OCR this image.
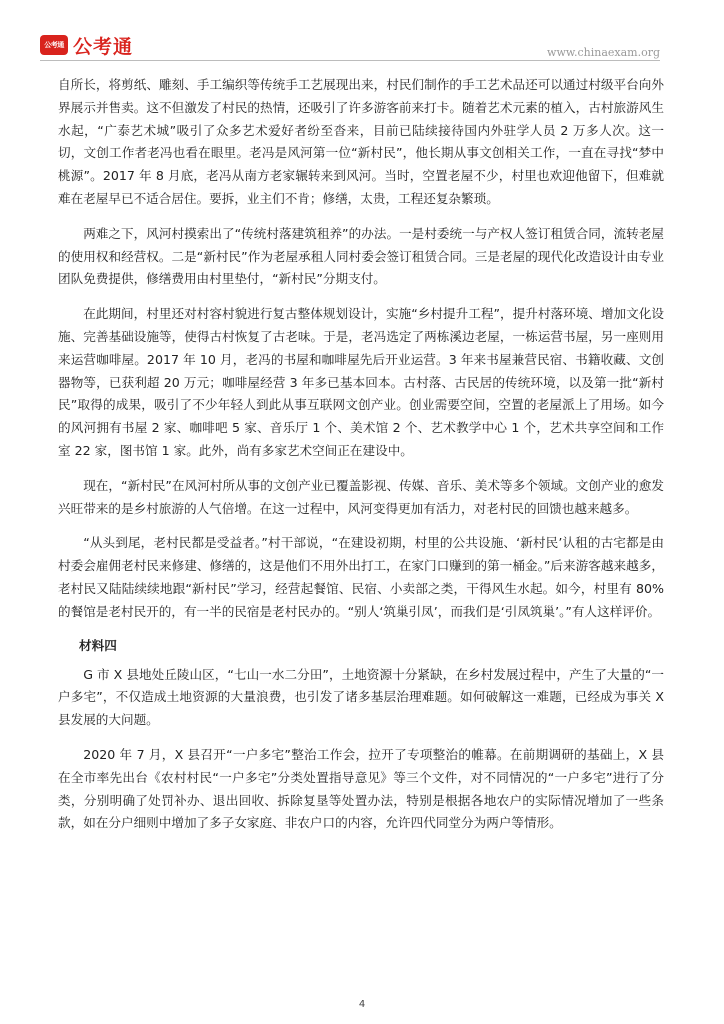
公考通 公考通	www.chinaexam.org

自所长，将剪纸、雕刻、手工编织等传统手工艺展现出来，村民们制作的手工艺术品还可以通过村级平台向外界展示并售卖。这不但激发了村民的热情，还吸引了许多游客前来打卡。随着艺术元素的植入，古村旅游风生水起，“广泰艺术城”吸引了众多艺术爱好者纷至沓来，目前已陆续接待国内外驻学人员 2 万多人次。这一切，文创工作者老冯也看在眼里。老冯是风河第一位“新村民”，他长期从事文创相关工作，一直在寻找“梦中桃源”。2017 年 8 月底，老冯从南方老家辗转来到风河。当时，空置老屋不少，村里也欢迎他留下，但难就难在老屋早已不适合居住。要拆，业主们不肯；修缮，太贵，工程还复杂繁琐。

两难之下，风河村摸索出了“传统村落建筑租养”的办法。一是村委统一与产权人签订租赁合同，流转老屋的使用权和经营权。二是“新村民”作为老屋承租人同村委会签订租赁合同。三是老屋的现代化改造设计由专业团队免费提供，修缮费用由村里垫付，“新村民”分期支付。

在此期间，村里还对村容村貌进行复古整体规划设计，实施“乡村提升工程”，提升村落环境、增加文化设施、完善基础设施等，使得古村恢复了古老味。于是，老冯选定了两栋溪边老屋，一栋运营书屋，另一座则用来运营咖啡屋。2017 年 10 月，老冯的书屋和咖啡屋先后开业运营。3 年来书屋兼营民宿、书籍收藏、文创器物等，已获利超 20 万元；咖啡屋经营 3 年多已基本回本。古村落、古民居的传统环境，以及第一批“新村民”取得的成果，吸引了不少年轻人到此从事互联网文创产业。创业需要空间，空置的老屋派上了用场。如今的风河拥有书屋 2 家、咖啡吧 5 家、音乐厅 1 个、美术馆 2 个、艺术教学中心 1 个，艺术共享空间和工作室 22 家，图书馆 1 家。此外，尚有多家艺术空间正在建设中。

现在，“新村民”在风河村所从事的文创产业已覆盖影视、传媒、音乐、美术等多个领域。文创产业的愈发兴旺带来的是乡村旅游的人气倍增。在这一过程中，风河变得更加有活力，对老村民的回馈也越来越多。

“从头到尾，老村民都是受益者。”村干部说，“在建设初期，村里的公共设施、‘新村民’认租的古宅都是由村委会雇佣老村民来修建、修缮的，这是他们不用外出打工，在家门口赚到的第一桶金。”后来游客越来越多，老村民又陆陆续续地跟“新村民”学习，经营起餐馆、民宿、小卖部之类，干得风生水起。如今，村里有 80% 的餐馆是老村民开的，有一半的民宿是老村民办的。“别人‘筑巢引凤’，而我们是‘引凤筑巢’。”有人这样评价。

材料四

G 市 X 县地处丘陵山区，“七山一水二分田”，土地资源十分紧缺，在乡村发展过程中，产生了大量的“一户多宅”，不仅造成土地资源的大量浪费，也引发了诸多基层治理难题。如何破解这一难题，已经成为事关 X 县发展的大问题。

2020 年 7 月，X 县召开“一户多宅”整治工作会，拉开了专项整治的帷幕。在前期调研的基础上，X 县在全市率先出台《农村村民“一户多宅”分类处置指导意见》等三个文件，对不同情况的“一户多宅”进行了分类，分别明确了处罚补办、退出回收、拆除复垦等处置办法，特别是根据各地农户的实际情况增加了一些条款，如在分户细则中增加了多子女家庭、非农户口的内容，允许四代同堂分为两户等情形。

4
